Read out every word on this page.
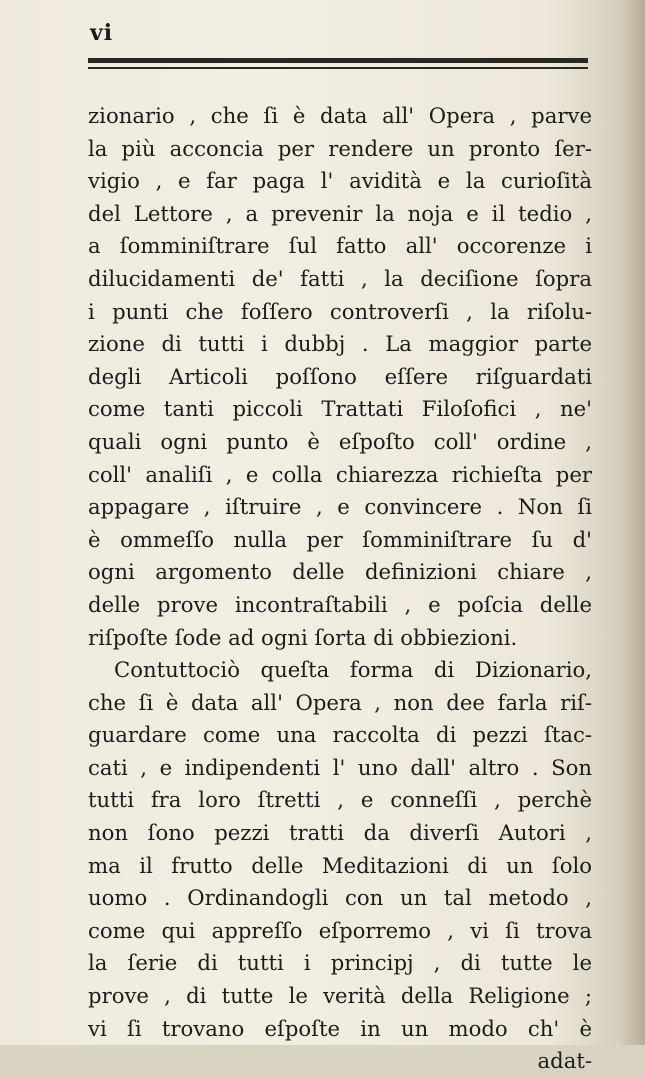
vi
zionario , che ſi è data all' Opera , parve
la più acconcia per rendere un pronto ſer-
vigio , e far paga l' avidità e la curioſità
del Lettore , a prevenir la noja e il tedio ,
a ſomminiſtrare ſul fatto all' occorenze i
dilucidamenti de' fatti , la deciſione ſopra
i punti che foſſero controverſi , la riſolu-
zione di tutti i dubbj . La maggior parte
degli Articoli poſſono eſſere riſguardati
come tanti piccoli Trattati Filoſofici , ne'
quali ogni punto è eſpoſto coll' ordine ,
coll' analiſi , e colla chiarezza richieſta per
appagare , iſtruire , e convincere . Non ſi
è ommeſſo nulla per ſomminiſtrare ſu d'
ogni argomento delle definizioni chiare ,
delle prove incontraſtabili , e poſcia delle
riſpoſte ſode ad ogni ſorta di obbiezioni.
Contuttociò queſta forma di Dizionario,
che ſi è data all' Opera , non dee farla riſ-
guardare come una raccolta di pezzi ſtac-
cati , e indipendenti l' uno dall' altro . Son
tutti fra loro ſtretti , e conneſſi , perchè
non ſono pezzi tratti da diverſi Autori ,
ma il frutto delle Meditazioni di un ſolo
uomo . Ordinandogli con un tal metodo ,
come qui appreſſo eſporremo , vi ſi trova
la ſerie di tutti i principj , di tutte le
prove , di tutte le verità della Religione ;
vi ſi trovano eſpoſte in un modo ch' è
adat-
